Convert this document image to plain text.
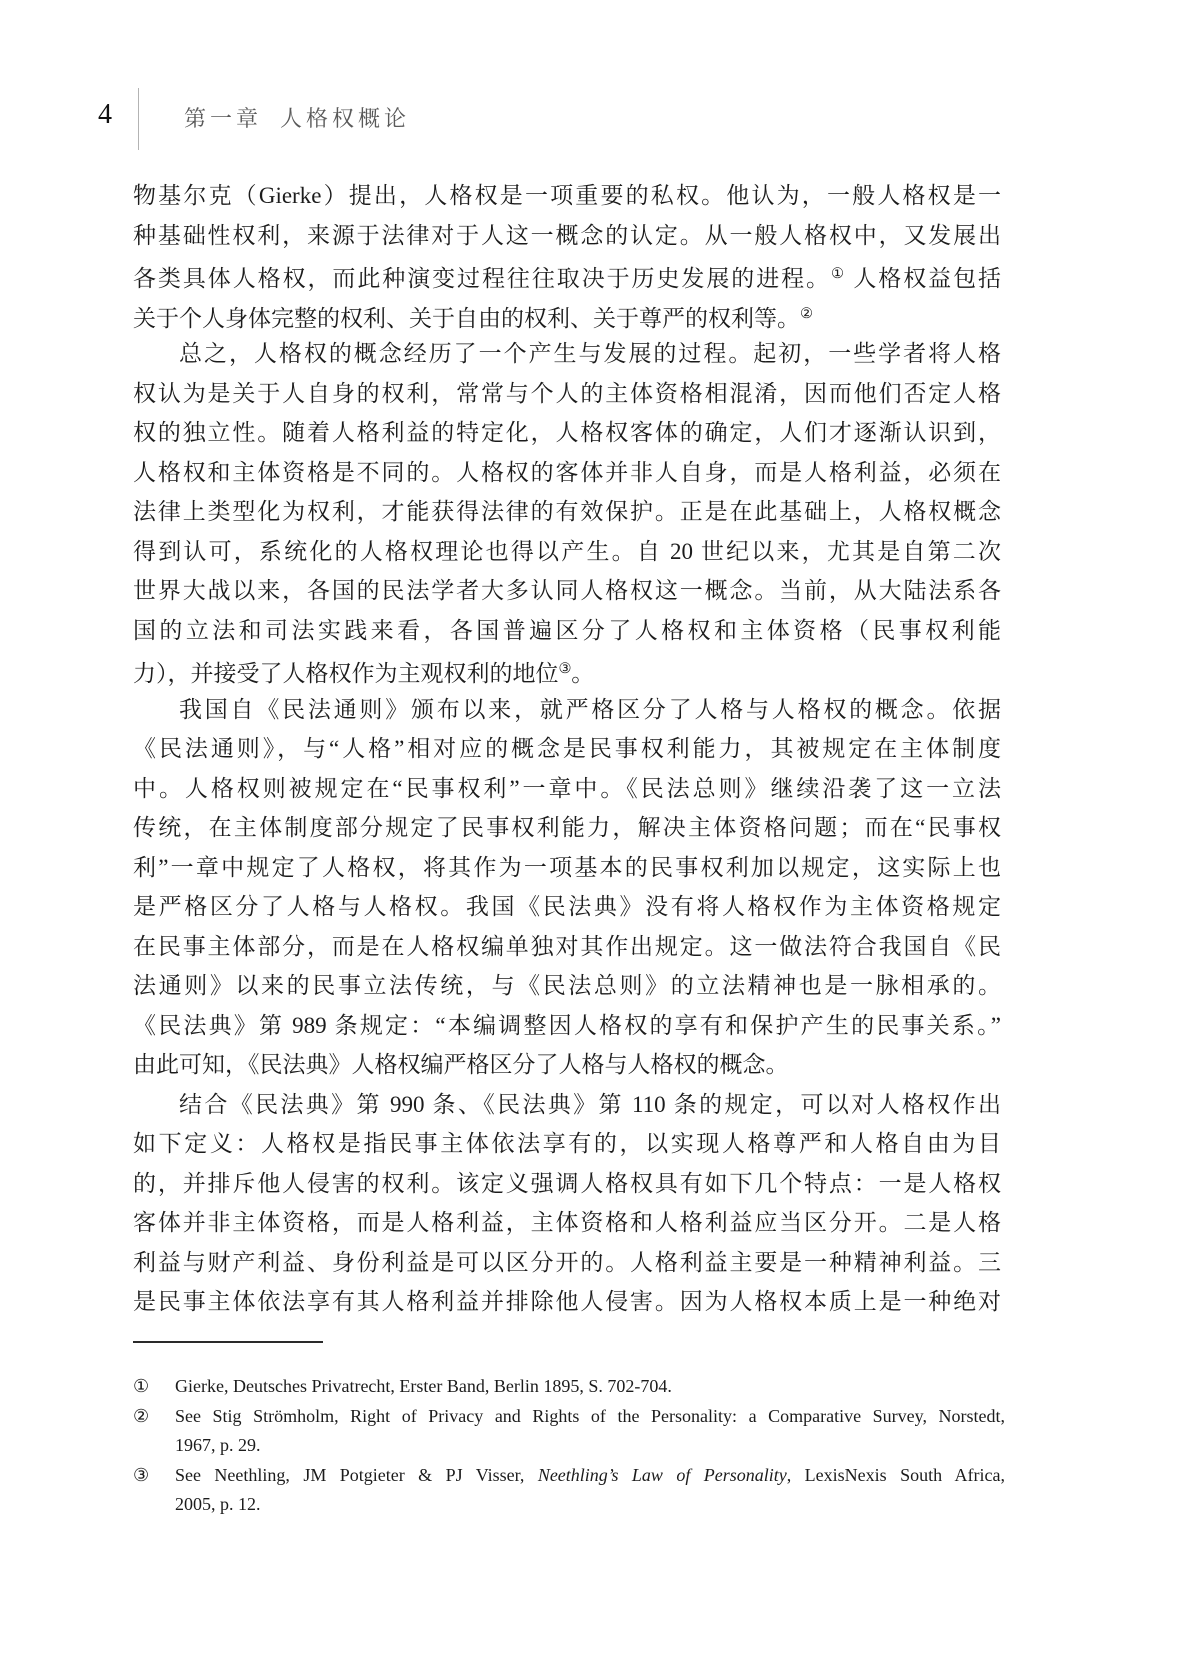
4	第一章 人格权概论
物基尔克（Gierke）提出，人格权是一项重要的私权。他认为，一般人格权是一
种基础性权利，来源于法律对于人这一概念的认定。从一般人格权中，又发展出
各类具体人格权，而此种演变过程往往取决于历史发展的进程。① 人格权益包括
关于个人身体完整的权利、关于自由的权利、关于尊严的权利等。②
总之，人格权的概念经历了一个产生与发展的过程。起初，一些学者将人格
权认为是关于人自身的权利，常常与个人的主体资格相混淆，因而他们否定人格
权的独立性。随着人格利益的特定化，人格权客体的确定，人们才逐渐认识到，
人格权和主体资格是不同的。人格权的客体并非人自身，而是人格利益，必须在
法律上类型化为权利，才能获得法律的有效保护。正是在此基础上，人格权概念
得到认可，系统化的人格权理论也得以产生。自 20 世纪以来，尤其是自第二次
世界大战以来，各国的民法学者大多认同人格权这一概念。当前，从大陆法系各
国的立法和司法实践来看，各国普遍区分了人格权和主体资格（民事权利能
力），并接受了人格权作为主观权利的地位③。
我国自《民法通则》颁布以来，就严格区分了人格与人格权的概念。依据
《民法通则》，与“人格”相对应的概念是民事权利能力，其被规定在主体制度
中。人格权则被规定在“民事权利”一章中。《民法总则》继续沿袭了这一立法
传统，在主体制度部分规定了民事权利能力，解决主体资格问题；而在“民事权
利”一章中规定了人格权，将其作为一项基本的民事权利加以规定，这实际上也
是严格区分了人格与人格权。我国《民法典》没有将人格权作为主体资格规定
在民事主体部分，而是在人格权编单独对其作出规定。这一做法符合我国自《民
法通则》以来的民事立法传统，与《民法总则》的立法精神也是一脉相承的。
《民法典》第 989 条规定：“本编调整因人格权的享有和保护产生的民事关系。”
由此可知，《民法典》人格权编严格区分了人格与人格权的概念。
结合《民法典》第 990 条、《民法典》第 110 条的规定，可以对人格权作出
如下定义：人格权是指民事主体依法享有的，以实现人格尊严和人格自由为目
的，并排斥他人侵害的权利。该定义强调人格权具有如下几个特点：一是人格权
客体并非主体资格，而是人格利益，主体资格和人格利益应当区分开。二是人格
利益与财产利益、身份利益是可以区分开的。人格利益主要是一种精神利益。三
是民事主体依法享有其人格利益并排除他人侵害。因为人格权本质上是一种绝对
① Gierke, Deutsches Privatrecht, Erster Band, Berlin 1895, S. 702-704.
② See Stig Strömholm, Right of Privacy and Rights of the Personality: a Comparative Survey, Norstedt,
1967, p. 29.
③ See Neethling, JM Potgieter & PJ Visser, Neethling’s Law of Personality, LexisNexis South Africa,
2005, p. 12.
